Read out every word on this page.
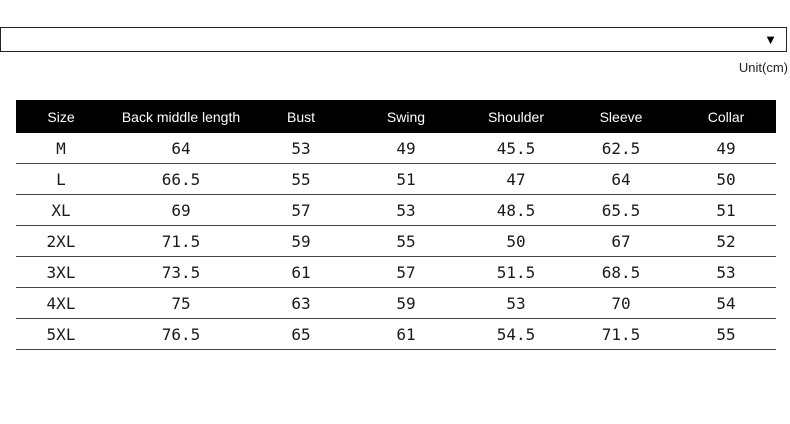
▼
Unit(cm)
Size	Back middle length	Bust	Swing	Shoulder	Sleeve	Collar
M	64	53	49	45.5	62.5	49
L	66.5	55	51	47	64	50
XL	69	57	53	48.5	65.5	51
2XL	71.5	59	55	50	67	52
3XL	73.5	61	57	51.5	68.5	53
4XL	75	63	59	53	70	54
5XL	76.5	65	61	54.5	71.5	55
